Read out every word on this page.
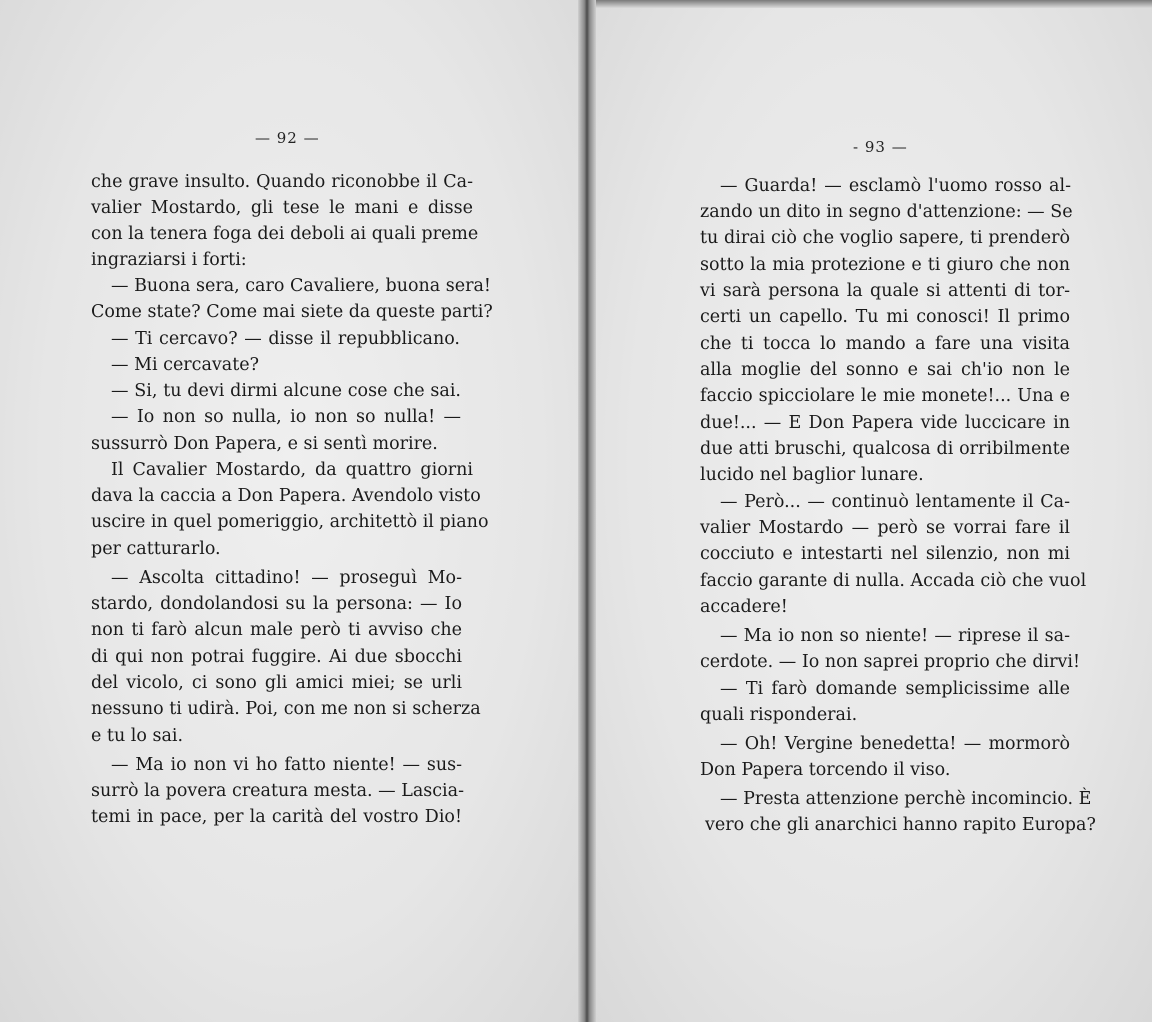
— 92 —	- 93 —
che grave insulto. Quando riconobbe il Ca-
valier Mostardo, gli tese le mani e disse
con la tenera foga dei deboli ai quali preme
ingraziarsi i forti:
— Buona sera, caro Cavaliere, buona sera!
Come state? Come mai siete da queste parti?
— Ti cercavo? — disse il repubblicano.
— Mi cercavate?
— Si, tu devi dirmi alcune cose che sai.
— Io non so nulla, io non so nulla! —
sussurrò Don Papera, e si sentì morire.
Il Cavalier Mostardo, da quattro giorni
dava la caccia a Don Papera. Avendolo visto
uscire in quel pomeriggio, architettò il piano
per catturarlo.
— Ascolta cittadino! — proseguì Mo-
stardo, dondolandosi su la persona: — Io
non ti farò alcun male però ti avviso che
di qui non potrai fuggire. Ai due sbocchi
del vicolo, ci sono gli amici miei; se urli
nessuno ti udirà. Poi, con me non si scherza
e tu lo sai.
— Ma io non vi ho fatto niente! — sus-
surrò la povera creatura mesta. — Lascia-
temi in pace, per la carità del vostro Dio!
— Guarda! — esclamò l'uomo rosso al-
zando un dito in segno d'attenzione: — Se
tu dirai ciò che voglio sapere, ti prenderò
sotto la mia protezione e ti giuro che non
vi sarà persona la quale si attenti di tor-
certi un capello. Tu mi conosci! Il primo
che ti tocca lo mando a fare una visita
alla moglie del sonno e sai ch'io non le
faccio spicciolare le mie monete!... Una e
due!... — E Don Papera vide luccicare in
due atti bruschi, qualcosa di orribilmente
lucido nel baglior lunare.
— Però... — continuò lentamente il Ca-
valier Mostardo — però se vorrai fare il
cocciuto e intestarti nel silenzio, non mi
faccio garante di nulla. Accada ciò che vuol
accadere!
— Ma io non so niente! — riprese il sa-
cerdote. — Io non saprei proprio che dirvi!
— Ti farò domande semplicissime alle
quali risponderai.
— Oh! Vergine benedetta! — mormorò
Don Papera torcendo il viso.
— Presta attenzione perchè incomincio. È
vero che gli anarchici hanno rapito Europa?
